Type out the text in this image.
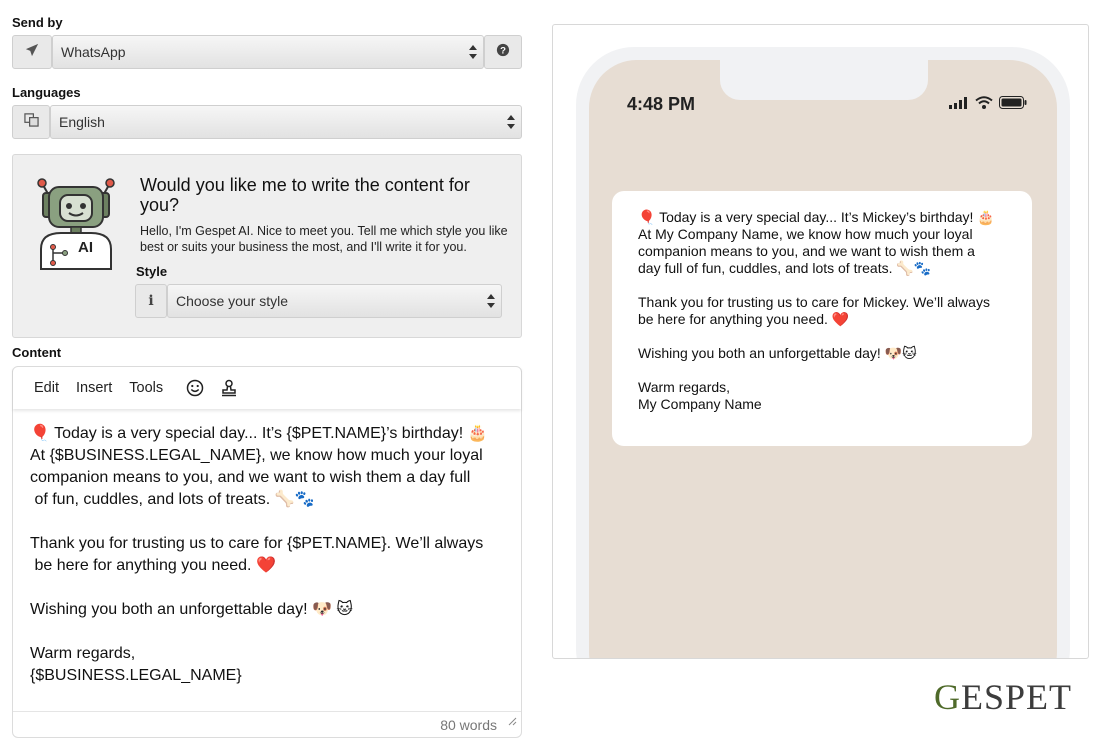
Send by
WhatsApp	?
Languages
English
AI
Would you like me to write the content for you?
Hello, I'm Gespet AI. Nice to meet you. Tell me which style you like best or suits your business the most, and I'll write it for you.
Style
i Choose your style
Content
Edit Insert Tools

🎈 Today is a very special day... It’s {$PET.NAME}’s birthday! 🎂

At {$BUSINESS.LEGAL_NAME}, we know how much your loyal

companion means to you, and we want to wish them a day full

of fun, cuddles, and lots of treats. 🦴🐾

Thank you for trusting us to care for {$PET.NAME}. We’ll always

be here for anything you need. ❤️

Wishing you both an unforgettable day! 🐶 🐱

Warm regards,

{$BUSINESS.LEGAL_NAME}

80 words
4:48 PM

🎈 Today is a very special day... It’s Mickey’s birthday! 🎂

At My Company Name, we know how much your loyal

companion means to you, and we want to wish them a

day full of fun, cuddles, and lots of treats. 🦴🐾

Thank you for trusting us to care for Mickey. We’ll always

be here for anything you need. ❤️

Wishing you both an unforgettable day! 🐶🐱

Warm regards,

My Company Name

GESPET
